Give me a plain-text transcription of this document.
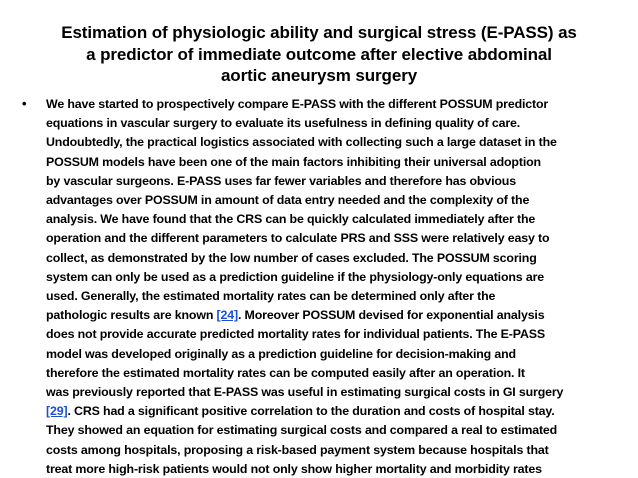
Estimation of physiologic ability and surgical stress (E-PASS) as
a predictor of immediate outcome after elective abdominal
aortic aneurysm surgery
• We have started to prospectively compare E-PASS with the different POSSUM predictor
equations in vascular surgery to evaluate its usefulness in defining quality of care.
Undoubtedly, the practical logistics associated with collecting such a large dataset in the
POSSUM models have been one of the main factors inhibiting their universal adoption
by vascular surgeons. E-PASS uses far fewer variables and therefore has obvious
advantages over POSSUM in amount of data entry needed and the complexity of the
analysis. We have found that the CRS can be quickly calculated immediately after the
operation and the different parameters to calculate PRS and SSS were relatively easy to
collect, as demonstrated by the low number of cases excluded. The POSSUM scoring
system can only be used as a prediction guideline if the physiology-only equations are
used. Generally, the estimated mortality rates can be determined only after the
pathologic results are known [24]. Moreover POSSUM devised for exponential analysis
does not provide accurate predicted mortality rates for individual patients. The E-PASS
model was developed originally as a prediction guideline for decision-making and
therefore the estimated mortality rates can be computed easily after an operation. It
was previously reported that E-PASS was useful in estimating surgical costs in GI surgery
[29]. CRS had a significant positive correlation to the duration and costs of hospital stay.
They showed an equation for estimating surgical costs and compared a real to estimated
costs among hospitals, proposing a risk-based payment system because hospitals that
treat more high-risk patients would not only show higher mortality and morbidity rates
